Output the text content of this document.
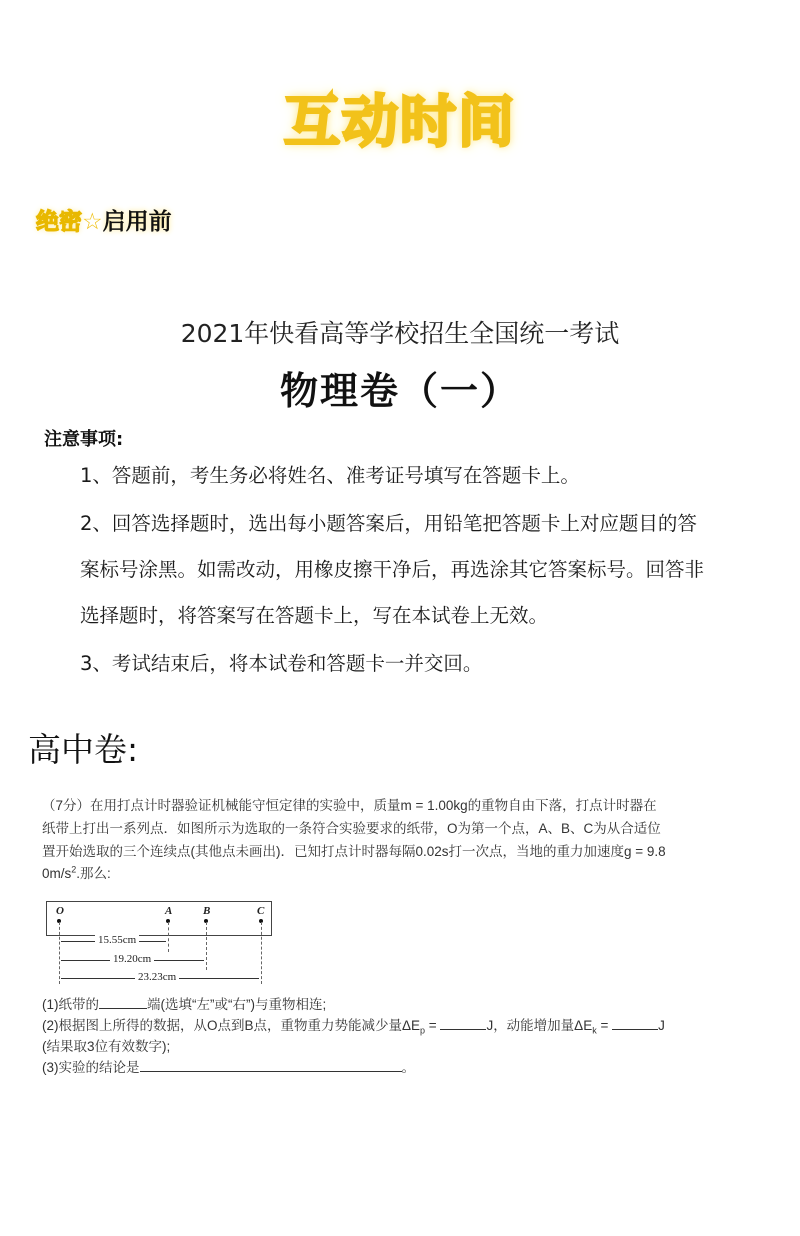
互动时间
绝密☆启用前
2021年快看高等学校招生全国统一考试
物理卷（一）
注意事项:
1、答题前，考生务必将姓名、准考证号填写在答题卡上。
2、回答选择题时，选出每小题答案后，用铅笔把答题卡上对应题目的答
案标号涂黑。如需改动，用橡皮擦干净后，再选涂其它答案标号。回答非
选择题时，将答案写在答题卡上，写在本试卷上无效。
3、考试结束后，将本试卷和答题卡一并交回。
高中卷:
（7分）在用打点计时器验证机械能守恒定律的实验中，质量m = 1.00kg的重物自由下落，打点计时器在
纸带上打出一系列点．如图所示为选取的一条符合实验要求的纸带，O为第一个点，A、B、C为从合适位
置开始选取的三个连续点(其他点未画出)．已知打点计时器每隔0.02s打一次点，当地的重力加速度g = 9.8
$0m/s^2$.那么:
O	A	B	C
15.55cm
19.20cm
23.23cm
(1)纸带的	端(选填“左”或“右”)与重物相连;
(2)根据图上所得的数据，从O点到B点，重物重力势能减少量$\Delta E_p$ =	J，动能增加量$\Delta E_k$ =	J
(结果取3位有效数字);
(3)实验的结论是	。
